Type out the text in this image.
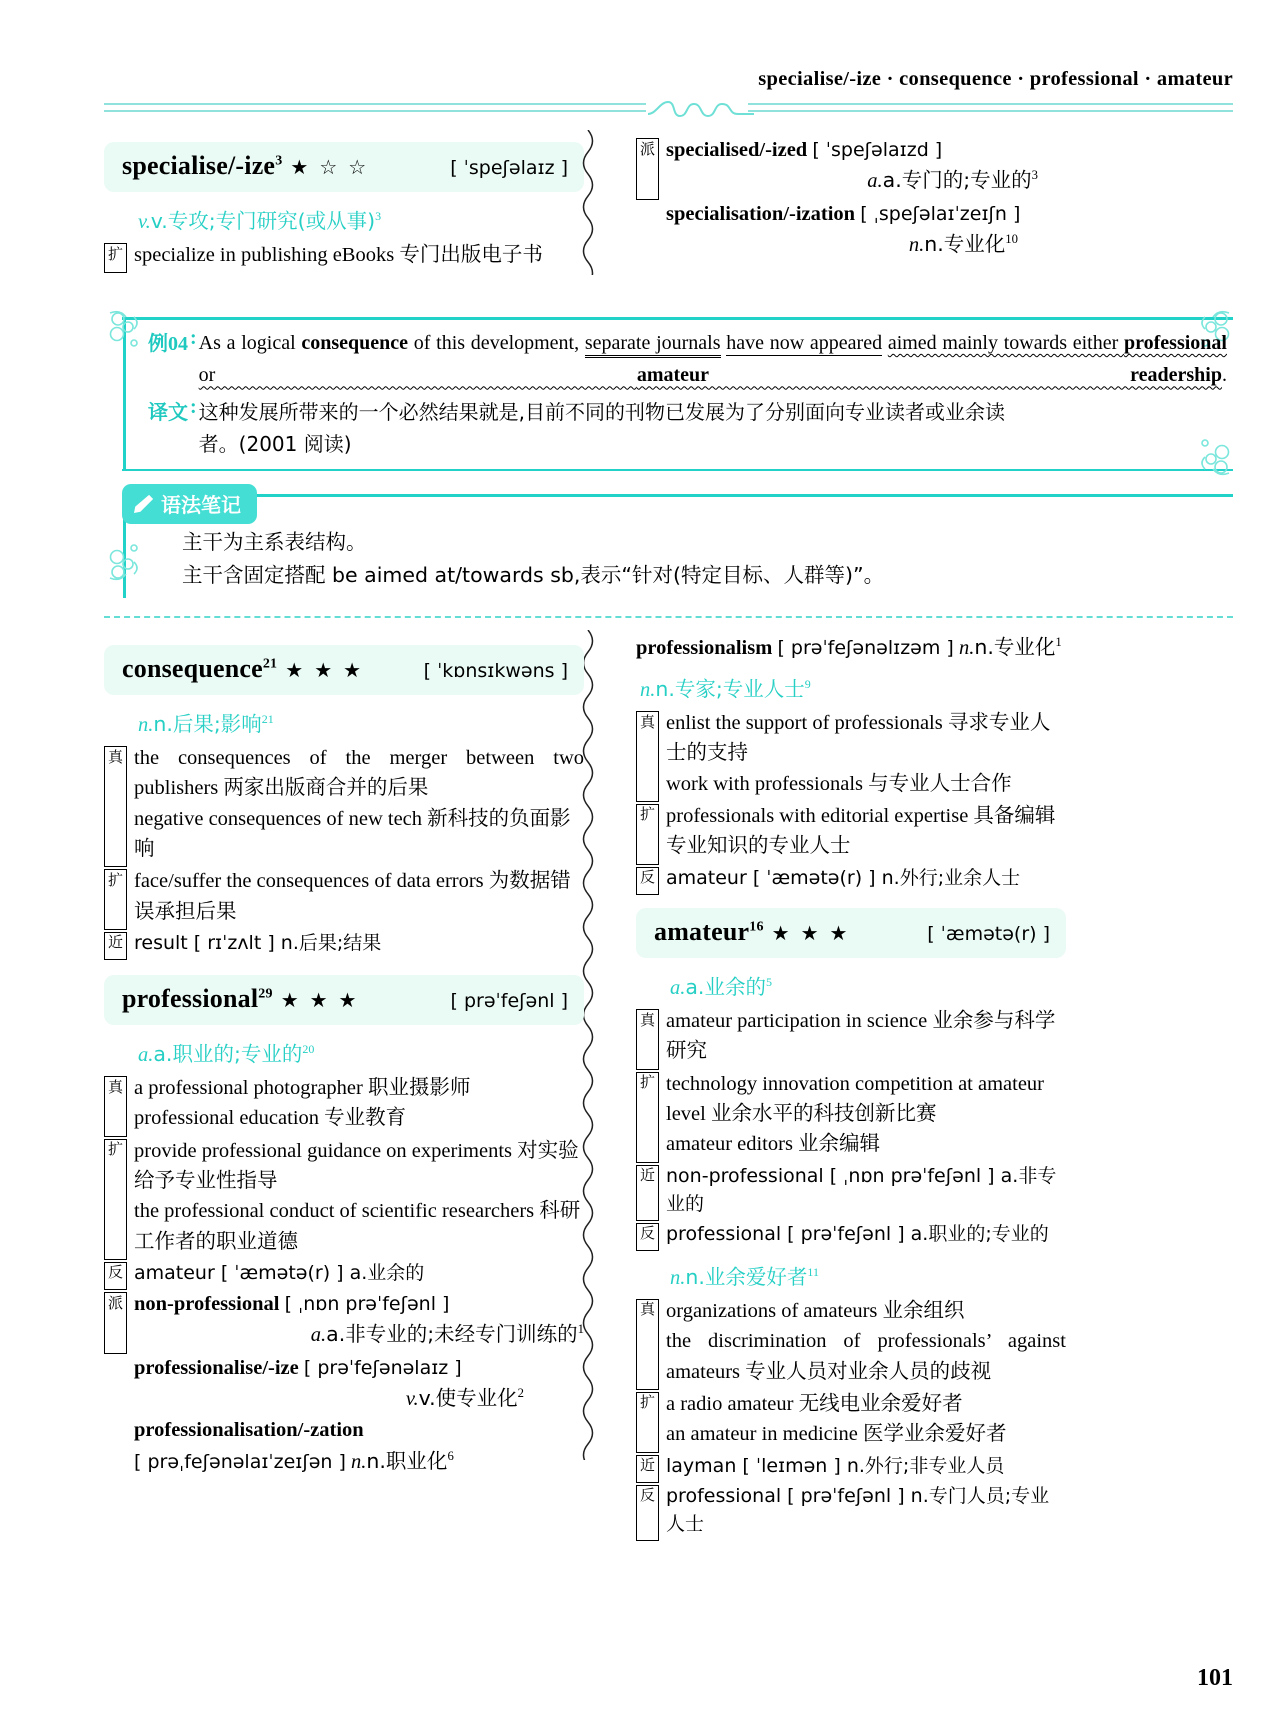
specialise/-ize · consequence · professional · amateur
specialise/-ize$^3$ ★ ☆ ☆	[ ˈspeʃəlaɪz ]
v.v.专攻;专门研究(或从事)$^3$
扩 specialize in publishing eBooks 专门出版电子书
派 specialised/-ized [ ˈspeʃəlaɪzd ]
a.a.专门的;专业的$^3$
specialisation/-ization [ ˌspeʃəlaɪˈzeɪʃn ]
n.n.专业化$^{10}$
例04 : As a logical consequence of this development, separate journals have now appeared aimed mainly towards either professional or amateur readership.
译文 : 这种发展所带来的一个必然结果就是,目前不同的刊物已发展为了分别面向专业读者或业余读
者。(2001 阅读)
语法笔记
主干为主系表结构。
主干含固定搭配 be aimed at/towards sb,表示“针对(特定目标、人群等)”。
consequence$^{21}$ ★ ★ ★	[ ˈkɒnsɪkwəns ]
n.n.后果;影响$^{21}$
真 the consequences of the merger between two publishers 两家出版商合并的后果
negative consequences of new tech 新科技的负面影响
扩 face/suffer the consequences of data errors 为数据错误承担后果
近 result [ rɪˈzʌlt ] n.后果;结果
professional$^{29}$ ★ ★ ★	[ prəˈfeʃənl ]
a.a.职业的;专业的$^{20}$
真 a professional photographer 职业摄影师
professional education 专业教育
扩 provide professional guidance on experiments 对实验给予专业性指导
the professional conduct of scientific researchers 科研工作者的职业道德
反 amateur [ ˈæmətə(r) ] a.业余的
派 non-professional [ ˌnɒn prəˈfeʃənl ]
a.a.非专业的;未经专门训练的$^1$
professionalise/-ize [ prəˈfeʃənəlaɪz ]
v.v.使专业化$^2$
professionalisation/-zation
[ prəˌfeʃənəlaɪˈzeɪʃən ] n.n.职业化$^6$
professionalism [ prəˈfeʃənəlɪzəm ] n.n.专业化$^1$
n.n.专家;专业人士$^9$
真 enlist the support of professionals 寻求专业人士的支持
work with professionals 与专业人士合作
扩 professionals with editorial expertise 具备编辑专业知识的专业人士
反 amateur [ ˈæmətə(r) ] n.外行;业余人士
amateur$^{16}$ ★ ★ ★	[ ˈæmətə(r) ]
a.a.业余的$^5$
真 amateur participation in science 业余参与科学研究
扩 technology innovation competition at amateur level 业余水平的科技创新比赛
amateur editors 业余编辑
近 non-professional [ ˌnɒn prəˈfeʃənl ] a.非专业的
反 professional [ prəˈfeʃənl ] a.职业的;专业的
n.n.业余爱好者$^{11}$
真 organizations of amateurs 业余组织
the discrimination of professionals’ against amateurs 专业人员对业余人员的歧视
扩 a radio amateur 无线电业余爱好者
an amateur in medicine 医学业余爱好者
近 layman [ ˈleɪmən ] n.外行;非专业人员
反 professional [ prəˈfeʃənl ] n.专门人员;专业人士
101
